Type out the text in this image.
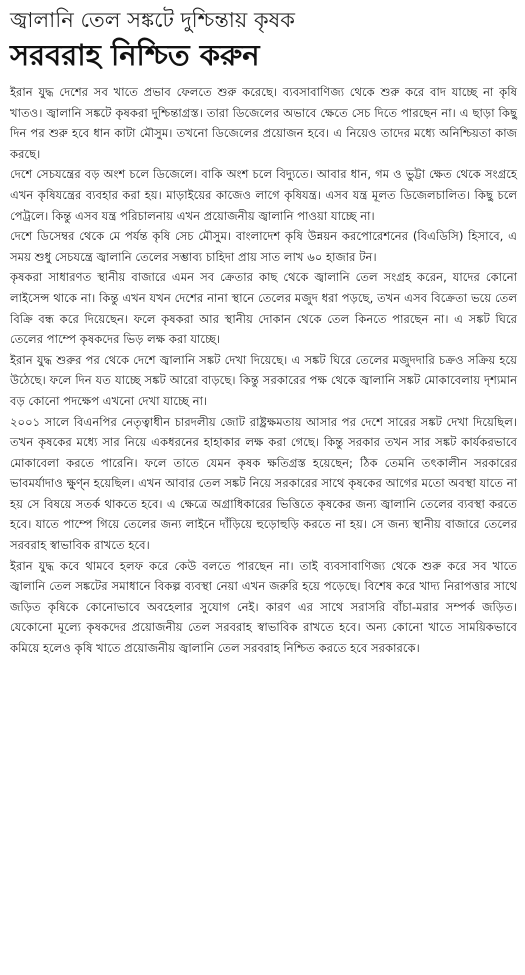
জ্বালানি তেল সঙ্কটে দুশ্চিন্তায় কৃষক
সরবরাহ নিশ্চিত করুন

ইরান যুদ্ধ দেশের সব খাতে প্রভাব ফেলতে শুরু করেছে। ব্যবসাবাণিজ্য থেকে শুরু করে বাদ যাচ্ছে না কৃষি খাতও। জ্বালানি সঙ্কটে কৃষকরা দুশ্চিন্তাগ্রস্ত। তারা ডিজেলের অভাবে ক্ষেতে সেচ দিতে পারছেন না। এ ছাড়া কিছু দিন পর শুরু হবে ধান কাটা মৌসুম। তখনো ডিজেলের প্রয়োজন হবে। এ নিয়েও তাদের মধ্যে অনিশ্চিয়তা কাজ করছে।

দেশে সেচযন্ত্রের বড় অংশ চলে ডিজেলে। বাকি অংশ চলে বিদ্যুতে। আবার ধান, গম ও ভুট্টা ক্ষেত থেকে সংগ্রহে এখন কৃষিযন্ত্রের ব্যবহার করা হয়। মাড়াইয়ের কাজেও লাগে কৃষিযন্ত্র। এসব যন্ত্র মূলত ডিজেলচালিত। কিছু চলে পেট্রলে। কিন্তু এসব যন্ত্র পরিচালনায় এখন প্রয়োজনীয় জ্বালানি পাওয়া যাচ্ছে না।

দেশে ডিসেম্বর থেকে মে পর্যন্ত কৃষি সেচ মৌসুম। বাংলাদেশ কৃষি উন্নয়ন করপোরেশনের (বিএডিসি) হিসাবে, এ সময় শুধু সেচযন্ত্রে জ্বালানি তেলের সম্ভাব্য চাহিদা প্রায় সাত লাখ ৬০ হাজার টন।

কৃষকরা সাধারণত স্থানীয় বাজারে এমন সব ক্রেতার কাছ থেকে জ্বালানি তেল সংগ্রহ করেন, যাদের কোনো লাইসেন্স থাকে না। কিন্তু এখন যখন দেশের নানা স্থানে তেলের মজুদ ধরা পড়ছে, তখন এসব বিক্রেতা ভয়ে তেল বিক্রি বন্ধ করে দিয়েছেন। ফলে কৃষকরা আর স্থানীয় দোকান থেকে তেল কিনতে পারছেন না। এ সঙ্কট ঘিরে তেলের পাম্পে কৃষকদের ভিড় লক্ষ করা যাচ্ছে।

ইরান যুদ্ধ শুরুর পর থেকে দেশে জ্বালানি সঙ্কট দেখা দিয়েছে। এ সঙ্কট ঘিরে তেলের মজুদদারি চক্রও সক্রিয় হয়ে উঠেছে। ফলে দিন যত যাচ্ছে সঙ্কট আরো বাড়ছে। কিন্তু সরকারের পক্ষ থেকে জ্বালানি সঙ্কট মোকাবেলায় দৃশ্যমান বড় কোনো পদক্ষেপ এখনো দেখা যাচ্ছে না।

২০০১ সালে বিএনপির নেতৃত্বাধীন চারদলীয় জোট রাষ্ট্রক্ষমতায় আসার পর দেশে সারের সঙ্কট দেখা দিয়েছিল। তখন কৃষকের মধ্যে সার নিয়ে একধরনের হাহাকার লক্ষ করা গেছে। কিন্তু সরকার তখন সার সঙ্কট কার্যকরভাবে মোকাবেলা করতে পারেনি। ফলে তাতে যেমন কৃষক ক্ষতিগ্রস্ত হয়েছেন; ঠিক তেমনি তৎকালীন সরকারের ভাবমর্যাদাও ক্ষুণ্ন হয়েছিল। এখন আবার তেল সঙ্কট নিয়ে সরকারের সাথে কৃষকের আগের মতো অবস্থা যাতে না হয় সে বিষয়ে সতর্ক থাকতে হবে। এ ক্ষেত্রে অগ্রাধিকারের ভিত্তিতে কৃষকের জন্য জ্বালানি তেলের ব্যবস্থা করতে হবে। যাতে পাম্পে গিয়ে তেলের জন্য লাইনে দাঁড়িয়ে হুড়োহুড়ি করতে না হয়। সে জন্য স্থানীয় বাজারে তেলের সরবরাহ স্বাভাবিক রাখতে হবে।

ইরান যুদ্ধ কবে থামবে হলফ করে কেউ বলতে পারছেন না। তাই ব্যবসাবাণিজ্য থেকে শুরু করে সব খাতে জ্বালানি তেল সঙ্কটের সমাধানে বিকল্প ব্যবস্থা নেয়া এখন জরুরি হয়ে পড়েছে। বিশেষ করে খাদ্য নিরাপত্তার সাথে জড়িত কৃষিকে কোনোভাবে অবহেলার সুযোগ নেই। কারণ এর সাথে সরাসরি বাঁচা-মরার সম্পর্ক জড়িত। যেকোনো মূল্যে কৃষকদের প্রয়োজনীয় তেল সরবরাহ স্বাভাবিক রাখতে হবে। অন্য কোনো খাতে সাময়িকভাবে কমিয়ে হলেও কৃষি খাতে প্রয়োজনীয় জ্বালানি তেল সরবরাহ নিশ্চিত করতে হবে সরকারকে।
